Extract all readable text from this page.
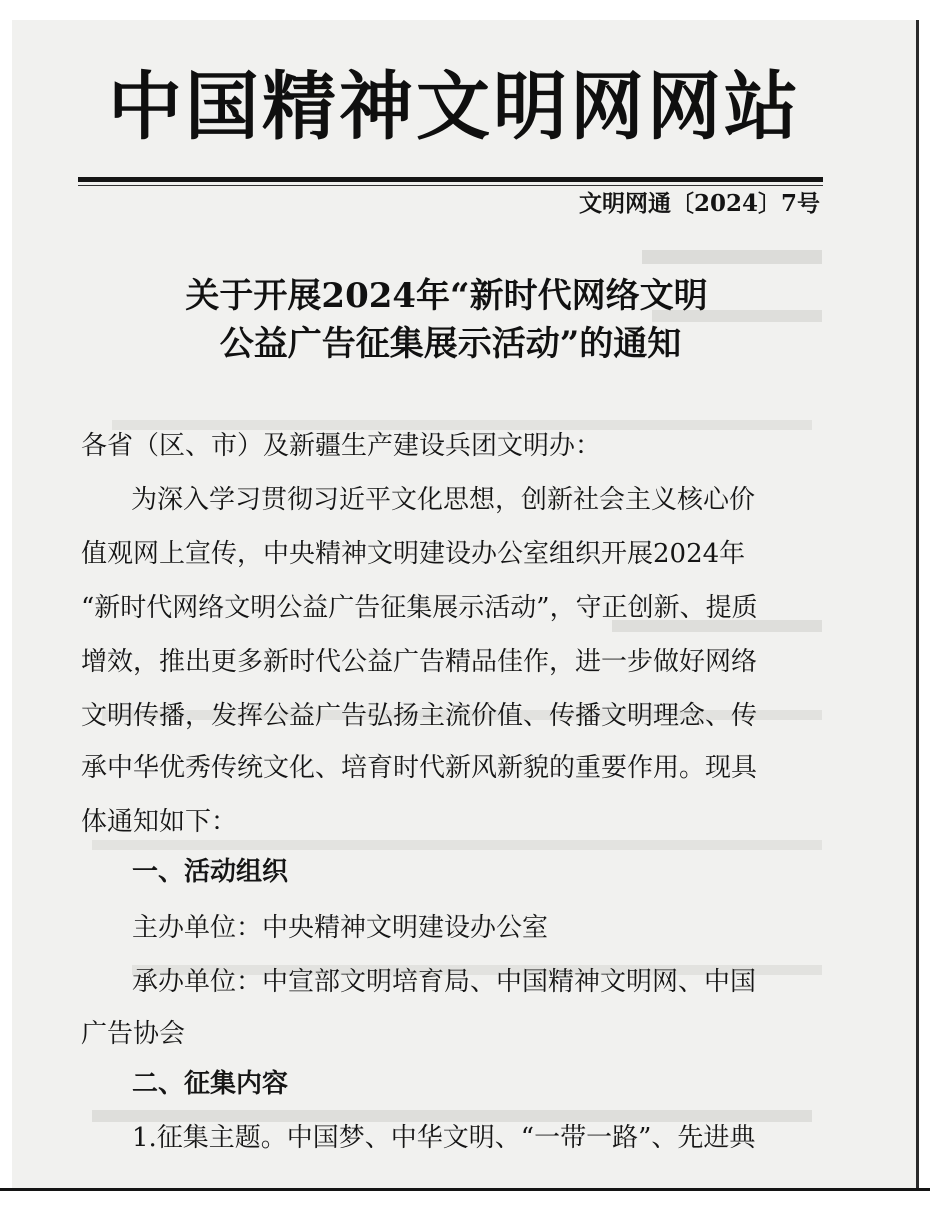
中国精神文明网网站
文明网通〔2024〕7号
关于开展2024年“新时代网络文明
公益广告征集展示活动”的通知
各省（区、市）及新疆生产建设兵团文明办：
为深入学习贯彻习近平文化思想，创新社会主义核心价
值观网上宣传，中央精神文明建设办公室组织开展2024年
“新时代网络文明公益广告征集展示活动”，守正创新、提质
增效，推出更多新时代公益广告精品佳作，进一步做好网络
文明传播，发挥公益广告弘扬主流价值、传播文明理念、传
承中华优秀传统文化、培育时代新风新貌的重要作用。现具
体通知如下：
一、活动组织
主办单位：中央精神文明建设办公室
承办单位：中宣部文明培育局、中国精神文明网、中国
广告协会
二、征集内容
1.征集主题。中国梦、中华文明、“一带一路”、先进典
